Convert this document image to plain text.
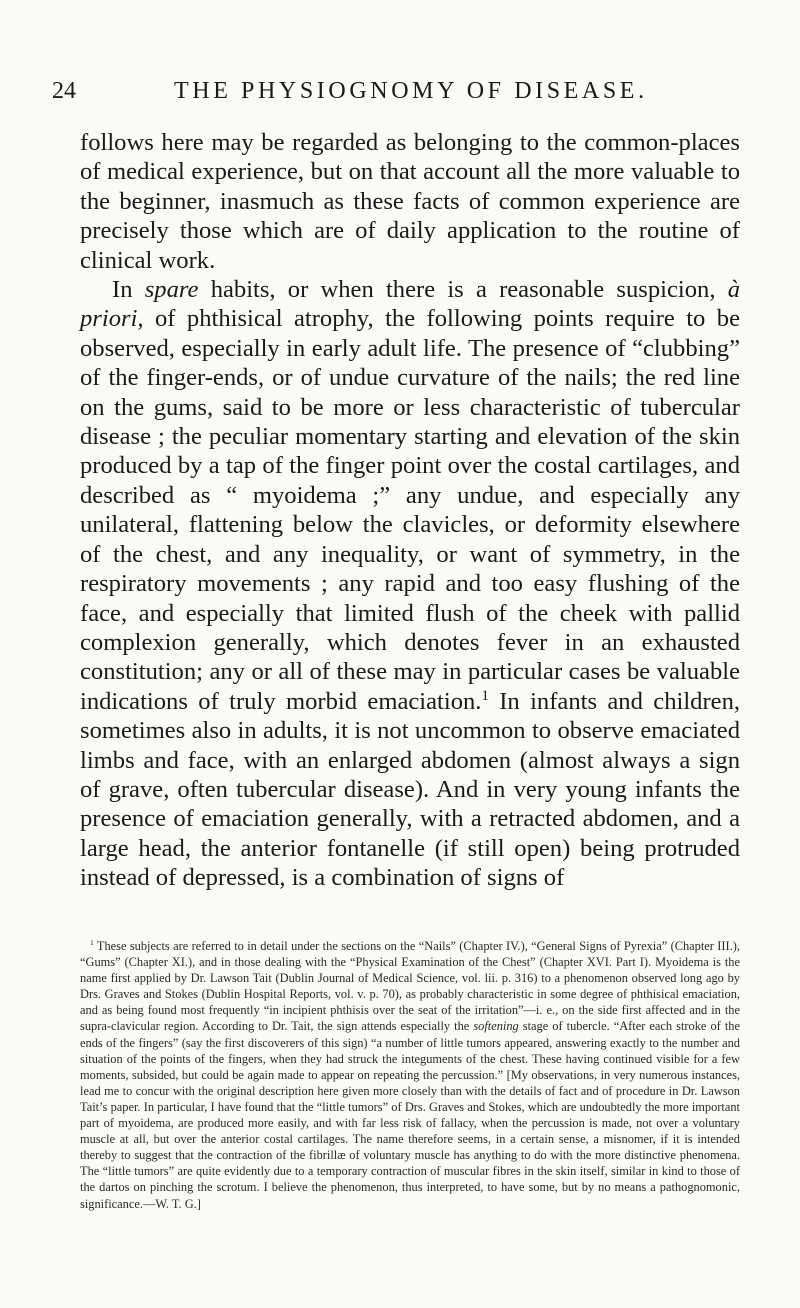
24	THE PHYSIOGNOMY OF DISEASE.

follows here may be regarded as belonging to the common-places of medical experience, but on that account all the more valuable to the beginner, inasmuch as these facts of common experience are precisely those which are of daily application to the routine of clinical work.

In spare habits, or when there is a reasonable suspicion, à priori, of phthisical atrophy, the following points require to be observed, especially in early adult life. The presence of “clubbing” of the finger-ends, or of undue curvature of the nails; the red line on the gums, said to be more or less characteristic of tubercular disease ; the peculiar momentary starting and elevation of the skin produced by a tap of the finger point over the costal cartilages, and described as “ myoidema ;” any undue, and especially any unilateral, flattening below the clavicles, or deformity elsewhere of the chest, and any inequality, or want of symmetry, in the respiratory movements ; any rapid and too easy flushing of the face, and especially that limited flush of the cheek with pallid complexion generally, which denotes fever in an exhausted constitution; any or all of these may in particular cases be valuable indications of truly morbid emaciation.$^1$ In infants and children, sometimes also in adults, it is not uncommon to observe emaciated limbs and face, with an enlarged abdomen (almost always a sign of grave, often tubercular disease). And in very young infants the presence of emaciation generally, with a retracted abdomen, and a large head, the anterior fontanelle (if still open) being protruded instead of depressed, is a combination of signs of

$^1$ These subjects are referred to in detail under the sections on the “Nails” (Chapter IV.), “General Signs of Pyrexia” (Chapter III.), “Gums” (Chapter XI.), and in those dealing with the “Physical Examination of the Chest” (Chapter XVI. Part I). Myoidema is the name first applied by Dr. Lawson Tait (Dublin Journal of Medical Science, vol. lii. p. 316) to a phenomenon observed long ago by Drs. Graves and Stokes (Dublin Hospital Reports, vol. v. p. 70), as probably characteristic in some degree of phthisical emaciation, and as being found most frequently “in incipient phthisis over the seat of the irritation”—i. e., on the side first affected and in the supra-clavicular region. According to Dr. Tait, the sign attends especially the softening stage of tubercle. “After each stroke of the ends of the fingers” (say the first discoverers of this sign) “a number of little tumors appeared, answering exactly to the number and situation of the points of the fingers, when they had struck the integuments of the chest. These having continued visible for a few moments, subsided, but could be again made to appear on repeating the percussion.” [My observations, in very numerous instances, lead me to concur with the original description here given more closely than with the details of fact and of procedure in Dr. Lawson Tait’s paper. In particular, I have found that the “little tumors” of Drs. Graves and Stokes, which are undoubtedly the more important part of myoidema, are produced more easily, and with far less risk of fallacy, when the percussion is made, not over a voluntary muscle at all, but over the anterior costal cartilages. The name therefore seems, in a certain sense, a misnomer, if it is intended thereby to suggest that the contraction of the fibrillæ of voluntary muscle has anything to do with the more distinctive phenomena. The “little tumors” are quite evidently due to a temporary contraction of muscular fibres in the skin itself, similar in kind to those of the dartos on pinching the scrotum. I believe the phenomenon, thus interpreted, to have some, but by no means a pathognomonic, significance.—W. T. G.]
